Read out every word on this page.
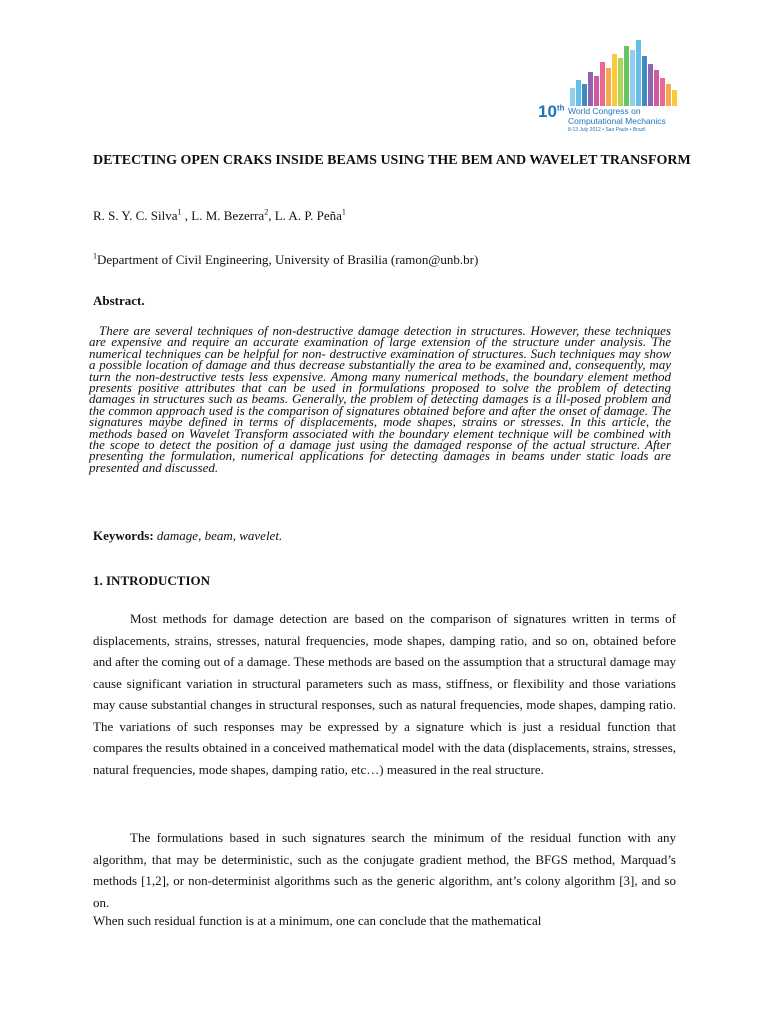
10th World Congress on
Computational Mechanics
8-13 July 2012 • Sao Paulo • Brazil
DETECTING OPEN CRAKS INSIDE BEAMS USING THE BEM AND WAVELET TRANSFORM
R. S. Y. C. Silva$^1$ , L. M. Bezerra$^2$, L. A. P. Peña$^1$
$^1$Department of Civil Engineering, University of Brasilia (ramon@unb.br)
Abstract.
There are several techniques of non-destructive damage detection in structures. However, these techniques are expensive and require an accurate examination of large extension of the structure under analysis. The numerical techniques can be helpful for non- destructive examination of structures. Such techniques may show a possible location of damage and thus decrease substantially the area to be examined and, consequently, may turn the non-destructive tests less expensive. Among many numerical methods, the boundary element method presents positive attributes that can be used in formulations proposed to solve the problem of detecting damages in structures such as beams. Generally, the problem of detecting damages is a ill-posed problem and the common approach used is the comparison of signatures obtained before and after the onset of damage. The signatures maybe defined in terms of displacements, mode shapes, strains or stresses. In this article, the methods based on Wavelet Transform associated with the boundary element technique will be combined with the scope to detect the position of a damage just using the damaged response of the actual structure. After presenting the formulation, numerical applications for detecting damages in beams under static loads are presented and discussed.
Keywords: damage, beam, wavelet.
1. INTRODUCTION
Most methods for damage detection are based on the comparison of signatures written in terms of displacements, strains, stresses, natural frequencies, mode shapes, damping ratio, and so on, obtained before and after the coming out of a damage. These methods are based on the assumption that a structural damage may cause significant variation in structural parameters such as mass, stiffness, or flexibility and those variations may cause substantial changes in structural responses, such as natural frequencies, mode shapes, damping ratio. The variations of such responses may be expressed by a signature which is just a residual function that compares the results obtained in a conceived mathematical model with the data (displacements, strains, stresses, natural frequencies, mode shapes, damping ratio, etc…) measured in the real structure.
The formulations based in such signatures search the minimum of the residual function with any algorithm, that may be deterministic, such as the conjugate gradient method, the BFGS method, Marquad’s methods [1,2], or non-determinist algorithms such as the generic algorithm, ant’s colony algorithm [3], and so on.
When such residual function is at a minimum, one can conclude that the mathematical
